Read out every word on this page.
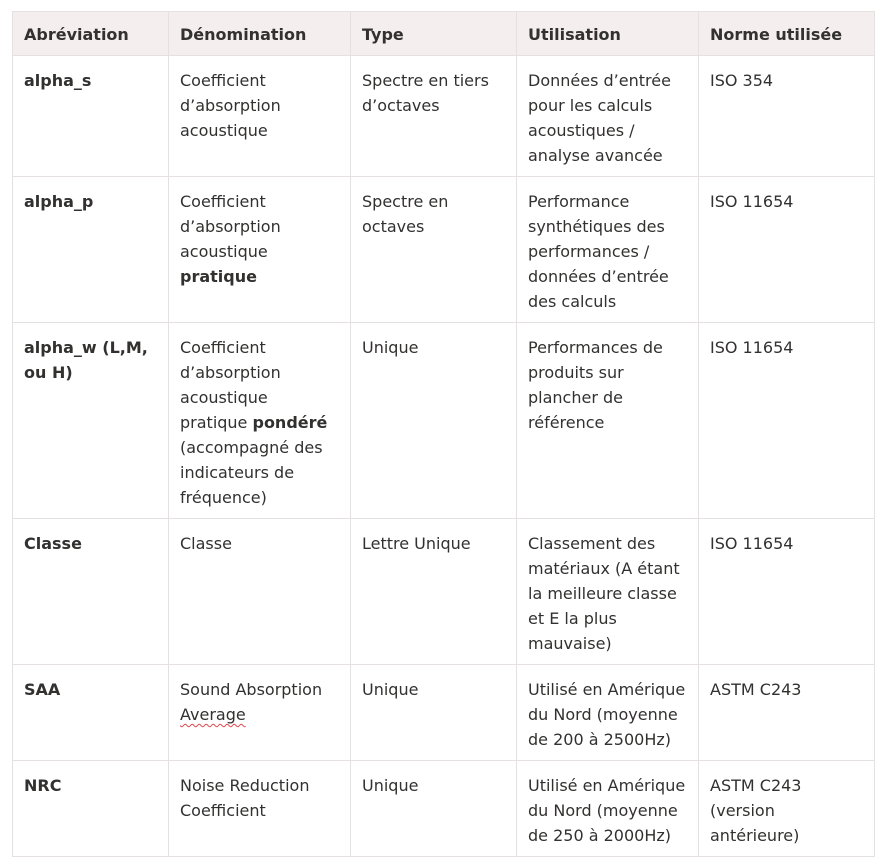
Abréviation	Dénomination	Type	Utilisation	Norme utilisée
alpha_s	Coefficient d’absorption acoustique	Spectre en tiers d’octaves	Données d’entrée pour les calculs acoustiques / analyse avancée	ISO 354
alpha_p	Coefficient d’absorption acoustique pratique	Spectre en octaves	Performance synthétiques des performances / données d’entrée des calculs	ISO 11654
alpha_w (L,M, ou H)	Coefficient d’absorption acoustique pratique pondéré (accompagné des indicateurs de fréquence)	Unique	Performances de produits sur plancher de référence	ISO 11654
Classe	Classe	Lettre Unique	Classement des matériaux (A étant la meilleure classe et E la plus mauvaise)	ISO 11654
SAA	Sound Absorption Average	Unique	Utilisé en Amérique du Nord (moyenne de 200 à 2500Hz)	ASTM C243
NRC	Noise Reduction Coefficient	Unique	Utilisé en Amérique du Nord (moyenne de 250 à 2000Hz)	ASTM C243 (version antérieure)
